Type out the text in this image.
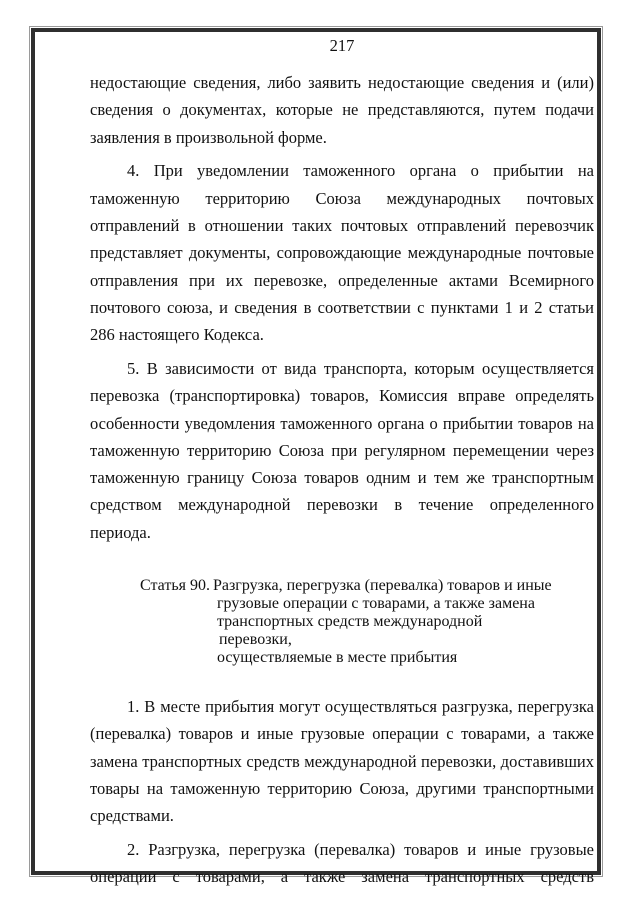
217

недостающие сведения, либо заявить недостающие сведения и (или) сведения о документах, которые не представляются, путем подачи заявления в произвольной форме.

4. При уведомлении таможенного органа о прибытии на таможенную территорию Союза международных почтовых отправлений в отношении таких почтовых отправлений перевозчик представляет документы, сопровождающие международные почтовые отправления при их перевозке, определенные актами Всемирного почтового союза, и сведения в соответствии с пунктами 1 и 2 статьи 286 настоящего Кодекса.

5. В зависимости от вида транспорта, которым осуществляется перевозка (транспортировка) товаров, Комиссия вправе определять особенности уведомления таможенного органа о прибытии товаров на таможенную территорию Союза при регулярном перемещении через таможенную границу Союза товаров одним и тем же транспортным средством международной перевозки в течение определенного периода.

Статья 90. Разгрузка, перегрузка (перевалка) товаров и иные
грузовые операции с товарами, а также замена
транспортных средств международной перевозки,
осуществляемые в месте прибытия

1. В месте прибытия могут осуществляться разгрузка, перегрузка (перевалка) товаров и иные грузовые операции с товарами, а также замена транспортных средств международной перевозки, доставивших товары на таможенную территорию Союза, другими транспортными средствами.

2. Разгрузка, перегрузка (перевалка) товаров и иные грузовые операции с товарами, а также замена транспортных средств
